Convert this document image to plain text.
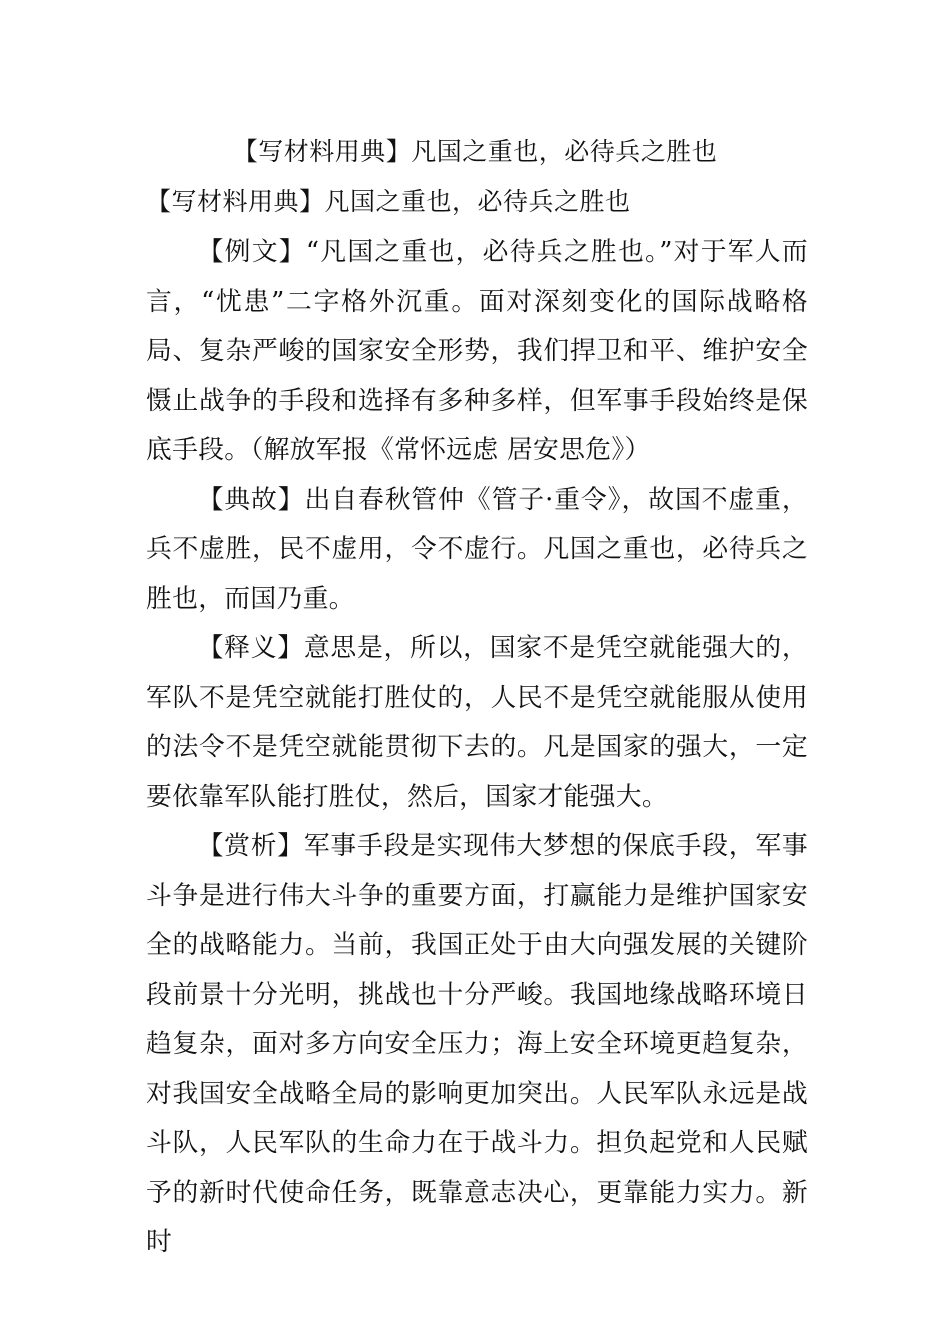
【写材料用典】凡国之重也，必待兵之胜也
【写材料用典】凡国之重也，必待兵之胜也

【例文】“凡国之重也，必待兵之胜也。”对于军人而言，“忧患”二字格外沉重。面对深刻变化的国际战略格局、复杂严峻的国家安全形势，我们捍卫和平、维护安全慑止战争的手段和选择有多种多样，但军事手段始终是保底手段。（解放军报《常怀远虑 居安思危》）

【典故】出自春秋管仲《管子·重令》，故国不虚重，兵不虚胜，民不虚用，令不虚行。凡国之重也，必待兵之胜也，而国乃重。

【释义】意思是，所以，国家不是凭空就能强大的，军队不是凭空就能打胜仗的，人民不是凭空就能服从使用的法令不是凭空就能贯彻下去的。凡是国家的强大，一定要依靠军队能打胜仗，然后，国家才能强大。

【赏析】军事手段是实现伟大梦想的保底手段，军事斗争是进行伟大斗争的重要方面，打赢能力是维护国家安全的战略能力。当前，我国正处于由大向强发展的关键阶段前景十分光明，挑战也十分严峻。我国地缘战略环境日趋复杂，面对多方向安全压力；海上安全环境更趋复杂，对我国安全战略全局的影响更加突出。人民军队永远是战斗队，人民军队的生命力在于战斗力。担负起党和人民赋予的新时代使命任务，既靠意志决心，更靠能力实力。新时
